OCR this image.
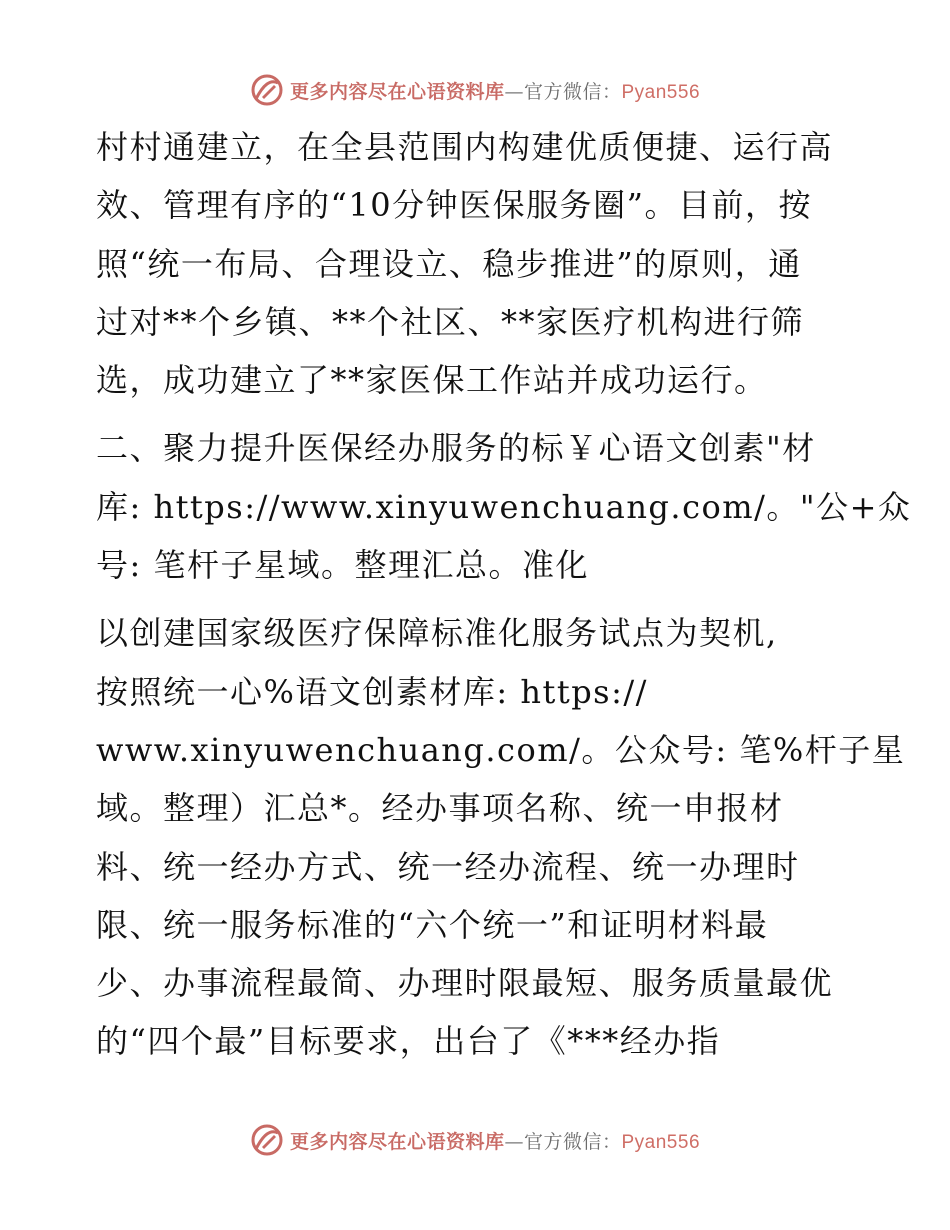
更多内容尽在心语资料库—官方微信：Pyan556
村村通建立，在全县范围内构建优质便捷、运行高
效、管理有序的“10分钟医保服务圈”。目前，按
照“统一布局、合理设立、稳步推进”的原则，通
过对**个乡镇、**个社区、**家医疗机构进行筛
选，成功建立了**家医保工作站并成功运行。
二、聚力提升医保经办服务的标￥心语文创素"材
库: https://www.xinyuwenchuang.com/。"公+众
号: 笔杆子星域。整理汇总。准化
以创建国家级医疗保障标准化服务试点为契机,
按照统一心%语文创素材库: https://
www.xinyuwenchuang.com/。公众号: 笔%杆子星
域。整理）汇总*。经办事项名称、统一申报材
料、统一经办方式、统一经办流程、统一办理时
限、统一服务标准的“六个统一”和证明材料最
少、办事流程最简、办理时限最短、服务质量最优
的“四个最”目标要求，出台了《***经办指
更多内容尽在心语资料库—官方微信：Pyan556
